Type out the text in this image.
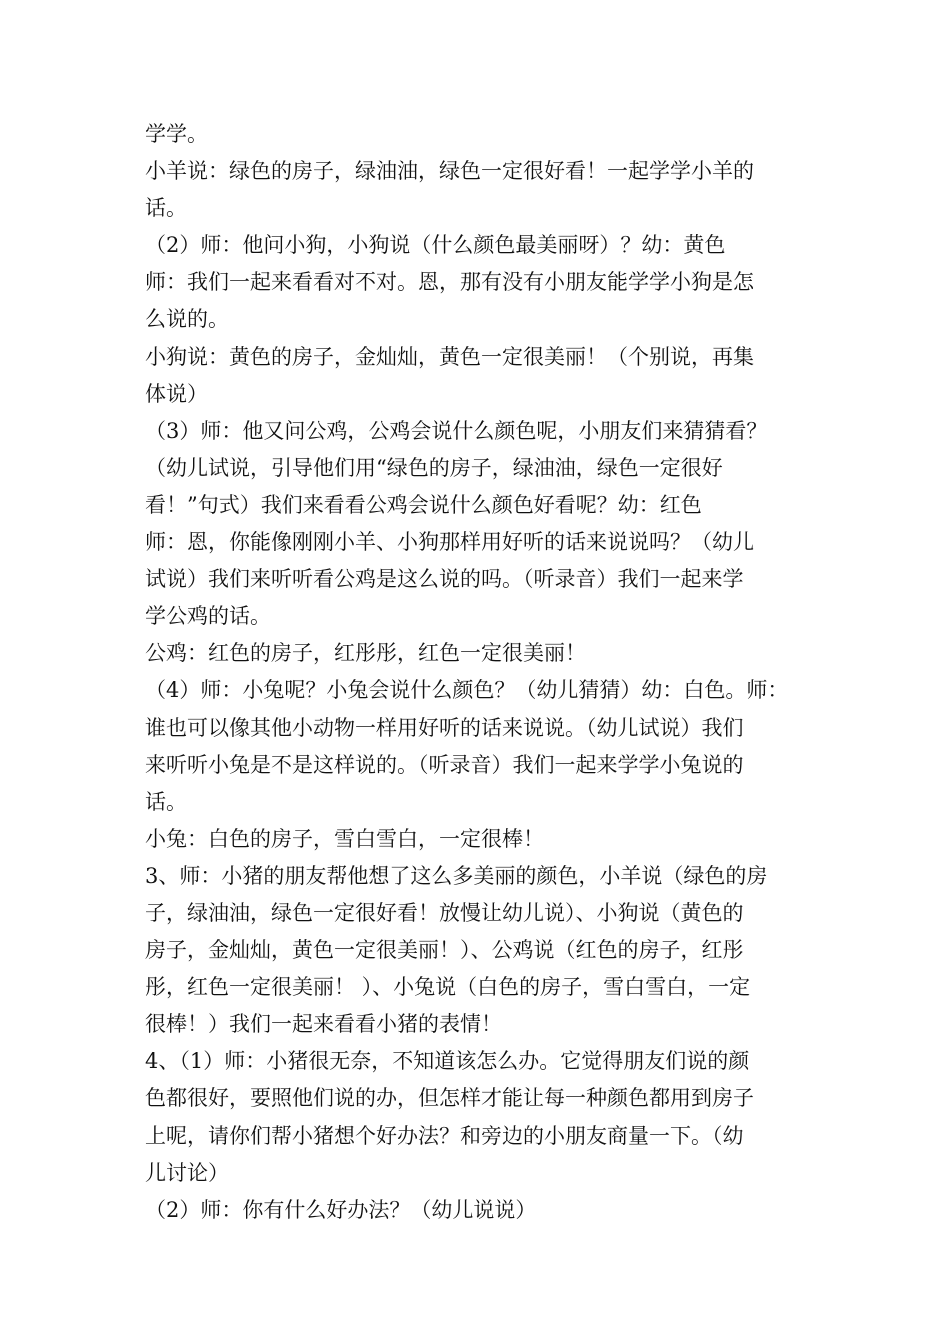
学学。
小羊说：绿色的房子，绿油油，绿色一定很好看！一起学学小羊的
话。
（2）师：他问小狗，小狗说（什么颜色最美丽呀）？幼：黄色
师：我们一起来看看对不对。恩，那有没有小朋友能学学小狗是怎
么说的。
小狗说：黄色的房子，金灿灿，黄色一定很美丽！（个别说，再集
体说）
（3）师：他又问公鸡，公鸡会说什么颜色呢，小朋友们来猜猜看？
（幼儿试说，引导他们用“绿色的房子，绿油油，绿色一定很好
看！”句式）我们来看看公鸡会说什么颜色好看呢？幼：红色
师：恩，你能像刚刚小羊、小狗那样用好听的话来说说吗？（幼儿
试说）我们来听听看公鸡是这么说的吗。（听录音）我们一起来学
学公鸡的话。
公鸡：红色的房子，红彤彤，红色一定很美丽！
（4）师：小兔呢？小兔会说什么颜色？（幼儿猜猜）幼：白色。师：
谁也可以像其他小动物一样用好听的话来说说。（幼儿试说）我们
来听听小兔是不是这样说的。（听录音）我们一起来学学小兔说的
话。
小兔：白色的房子，雪白雪白，一定很棒！
3、师：小猪的朋友帮他想了这么多美丽的颜色，小羊说（绿色的房
子，绿油油，绿色一定很好看！放慢让幼儿说）、小狗说（黄色的
房子，金灿灿，黄色一定很美丽！）、公鸡说（红色的房子，红彤
彤，红色一定很美丽！ ）、小兔说（白色的房子，雪白雪白，一定
很棒！）我们一起来看看小猪的表情！
4、（1）师：小猪很无奈，不知道该怎么办。它觉得朋友们说的颜
色都很好，要照他们说的办，但怎样才能让每一种颜色都用到房子
上呢，请你们帮小猪想个好办法？和旁边的小朋友商量一下。（幼
儿讨论）
（2）师：你有什么好办法？（幼儿说说）
